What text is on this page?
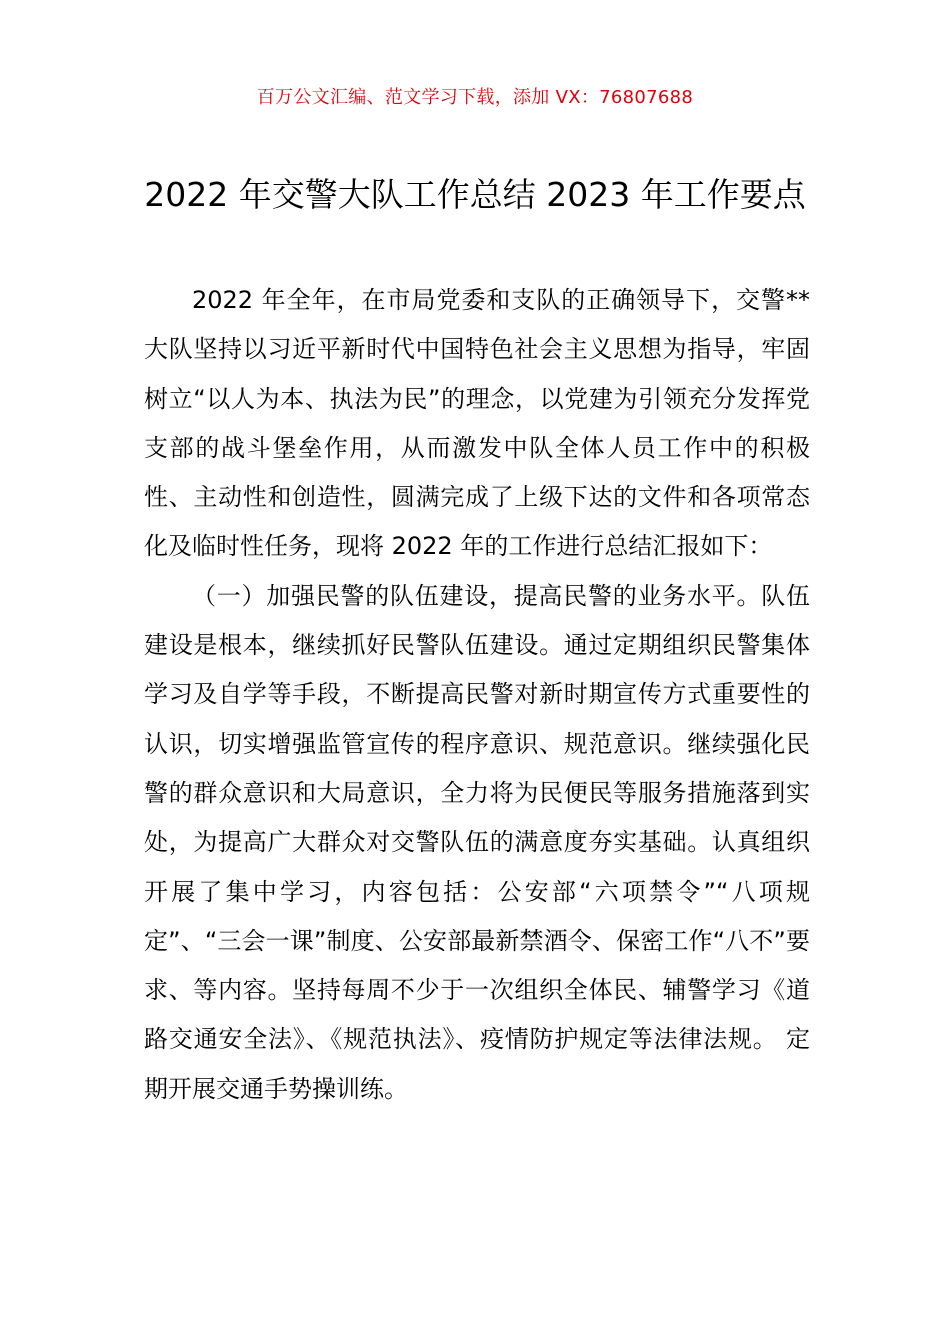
百万公文汇编、范文学习下载，添加 VX：76807688
2022 年交警大队工作总结 2023 年工作要点

2022 年全年，在市局党委和支队的正确领导下，交警**大队坚持以习近平新时代中国特色社会主义思想为指导，牢固树立“以人为本、执法为民”的理念，以党建为引领充分发挥党支部的战斗堡垒作用，从而激发中队全体人员工作中的积极性、主动性和创造性，圆满完成了上级下达的文件和各项常态化及临时性任务，现将 2022 年的工作进行总结汇报如下：

（一）加强民警的队伍建设，提高民警的业务水平。队伍建设是根本，继续抓好民警队伍建设。通过定期组织民警集体学习及自学等手段，不断提高民警对新时期宣传方式重要性的认识，切实增强监管宣传的程序意识、规范意识。继续强化民警的群众意识和大局意识，全力将为民便民等服务措施落到实处，为提高广大群众对交警队伍的满意度夯实基础。认真组织开展了集中学习，内容包括：公安部“六项禁令”“八项规定”、“三会一课”制度、公安部最新禁酒令、保密工作“八不”要求、等内容。坚持每周不少于一次组织全体民、辅警学习《道路交通安全法》、《规范执法》、疫情防护规定等法律法规。 定期开展交通手势操训练。
